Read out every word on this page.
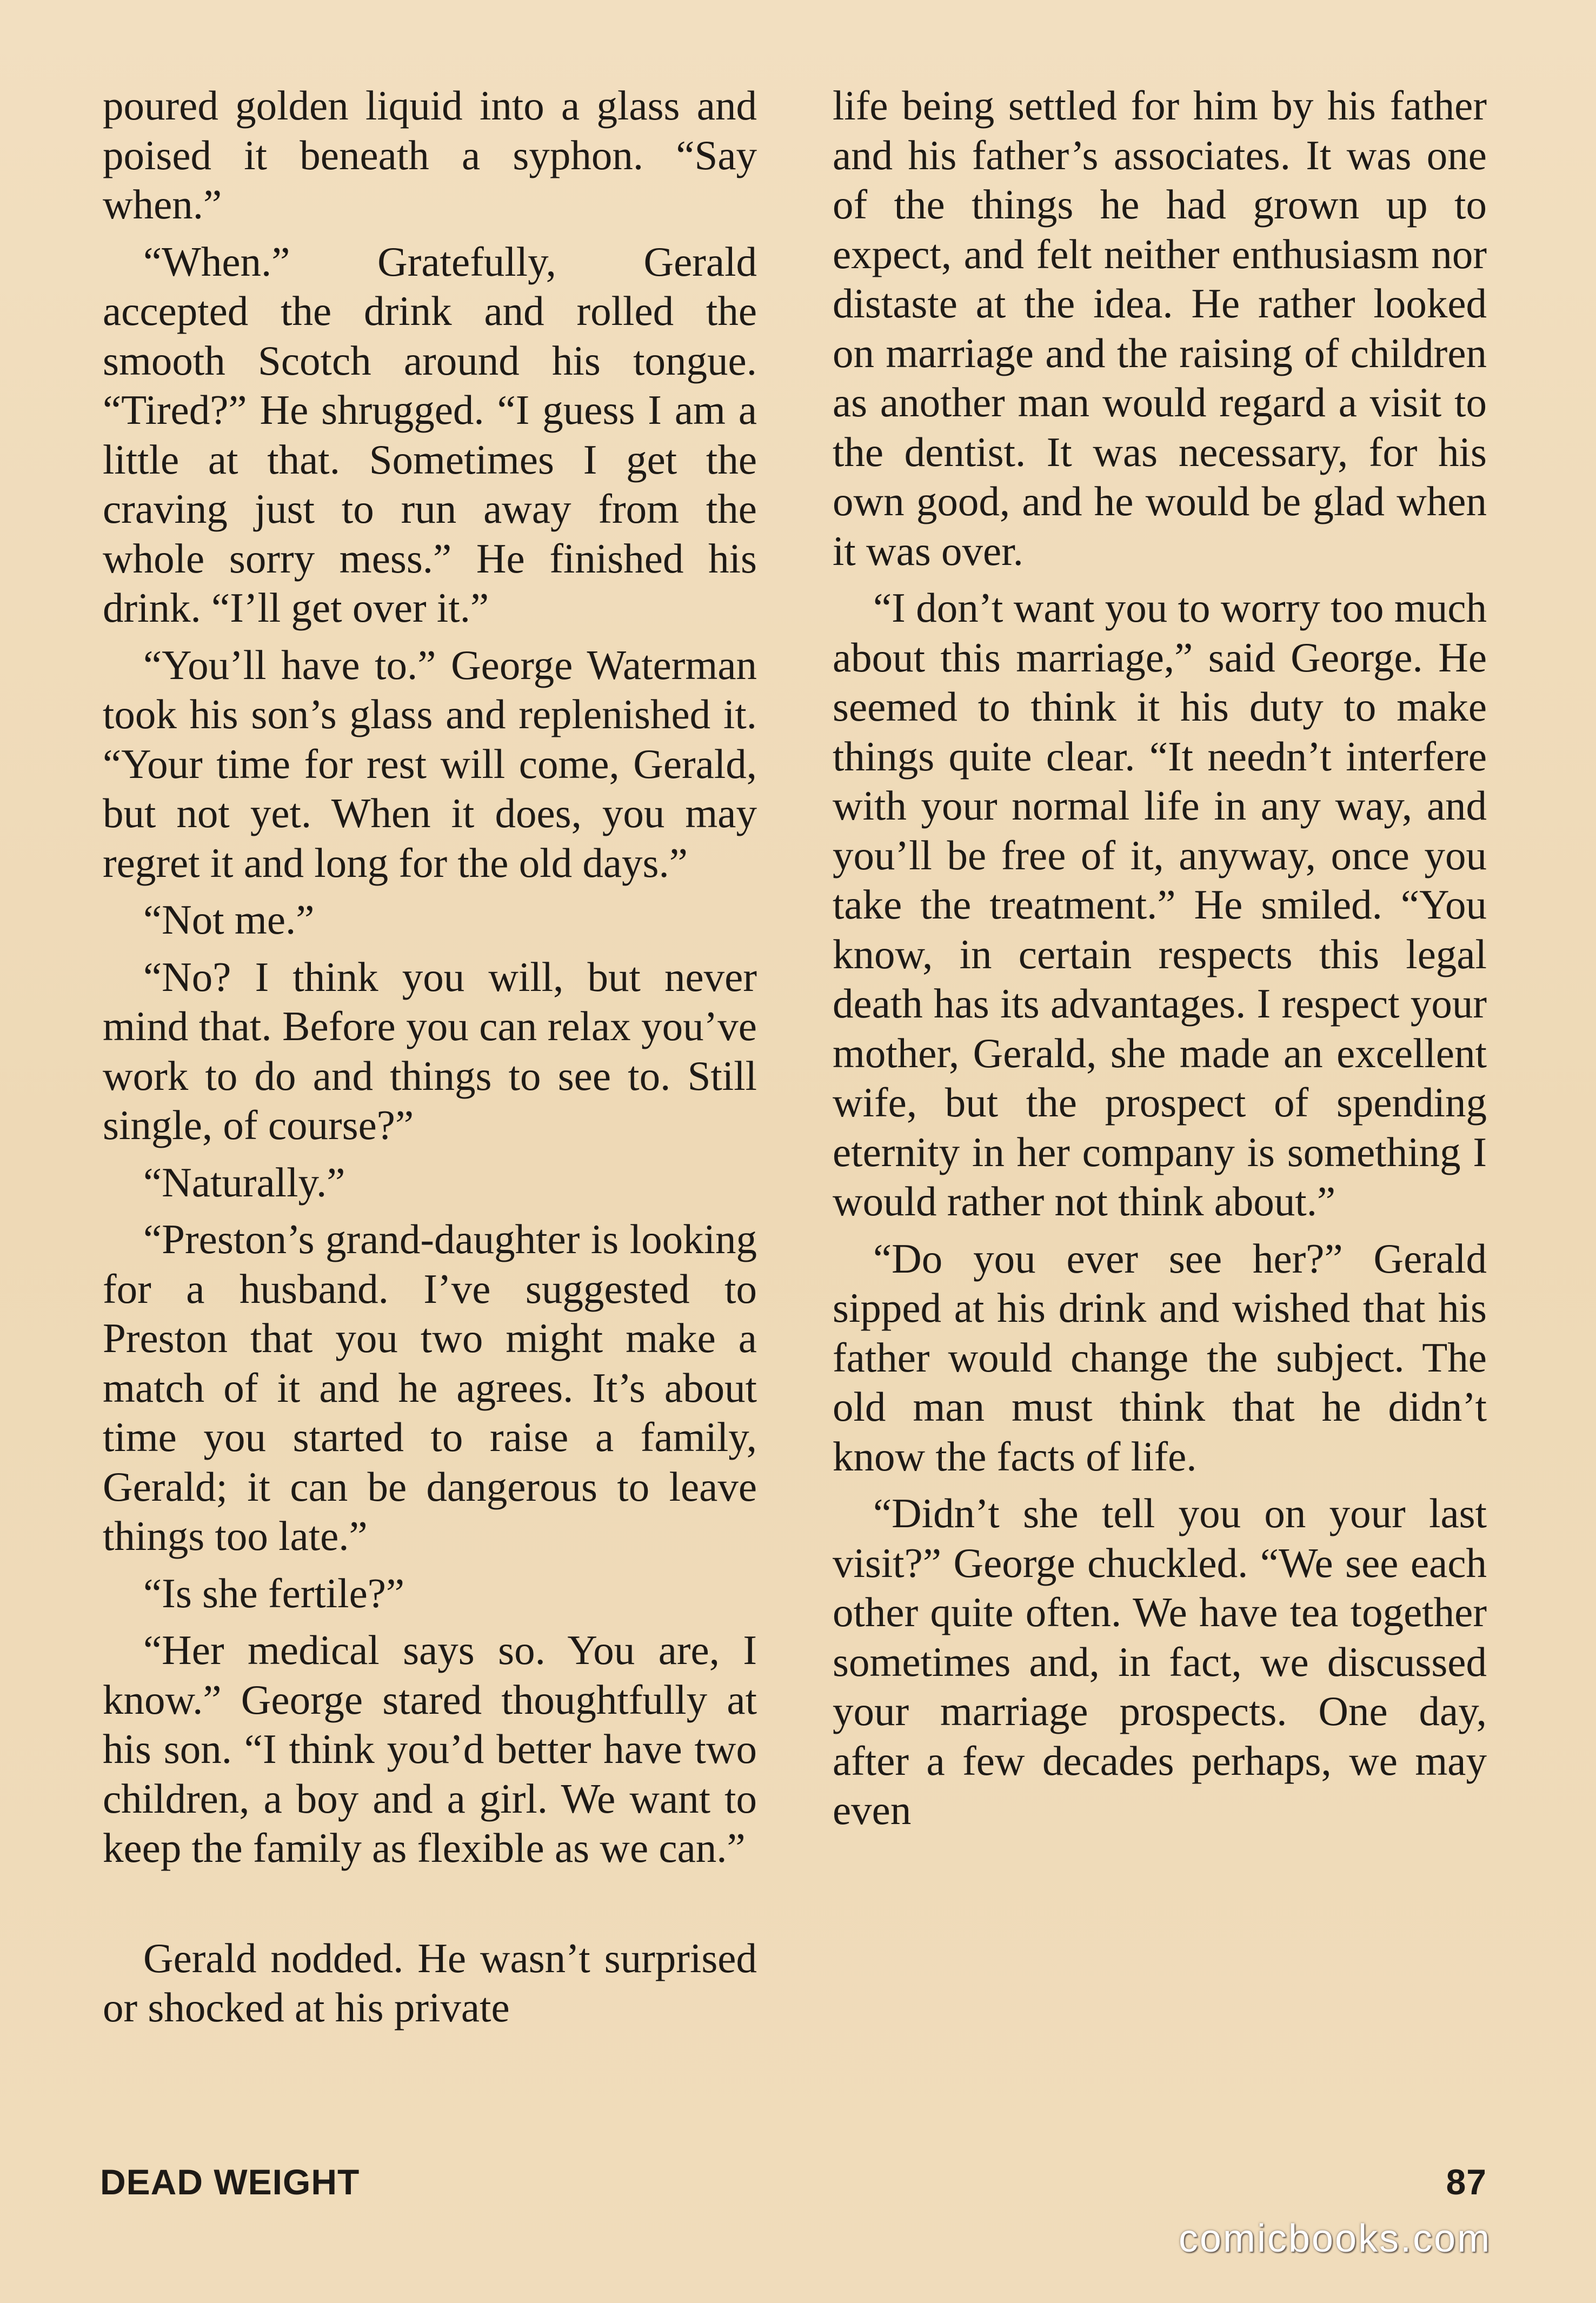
poured golden liquid into a glass and poised it beneath a syphon. “Say when.”

“When.” Gratefully, Gerald accepted the drink and rolled the smooth Scotch around his tongue. “Tired?” He shrugged. “I guess I am a little at that. Sometimes I get the craving just to run away from the whole sorry mess.” He finished his drink. “I’ll get over it.”

“You’ll have to.” George Waterman took his son’s glass and replenished it. “Your time for rest will come, Gerald, but not yet. When it does, you may regret it and long for the old days.”

“Not me.”

“No? I think you will, but never mind that. Before you can relax you’ve work to do and things to see to. Still single, of course?”

“Naturally.”

“Preston’s grand-daughter is looking for a husband. I’ve suggested to Preston that you two might make a match of it and he agrees. It’s about time you started to raise a family, Gerald; it can be dangerous to leave things too late.”

“Is she fertile?”

“Her medical says so. You are, I know.” George stared thoughtfully at his son. “I think you’d better have two children, a boy and a girl. We want to keep the family as flexible as we can.”

Gerald nodded. He wasn’t surprised or shocked at his private

life being settled for him by his father and his father’s associates. It was one of the things he had grown up to expect, and felt neither enthusiasm nor distaste at the idea. He rather looked on marriage and the raising of children as another man would regard a visit to the dentist. It was necessary, for his own good, and he would be glad when it was over.

“I don’t want you to worry too much about this marriage,” said George. He seemed to think it his duty to make things quite clear. “It needn’t interfere with your normal life in any way, and you’ll be free of it, anyway, once you take the treatment.” He smiled. “You know, in certain respects this legal death has its advantages. I respect your mother, Gerald, she made an excellent wife, but the prospect of spending eternity in her company is something I would rather not think about.”

“Do you ever see her?” Gerald sipped at his drink and wished that his father would change the subject. The old man must think that he didn’t know the facts of life.

“Didn’t she tell you on your last visit?” George chuckled. “We see each other quite often. We have tea together sometimes and, in fact, we discussed your marriage prospects. One day, after a few decades perhaps, we may even

DEAD WEIGHT	87
comicbooks.com
